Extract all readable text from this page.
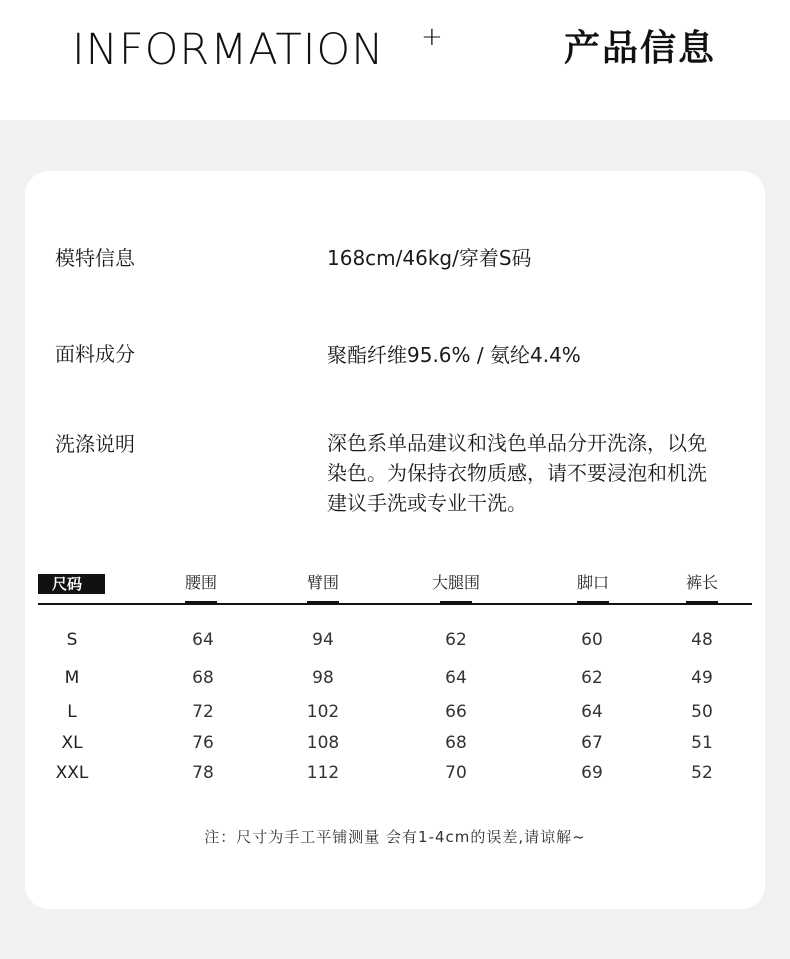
INFORMATION +	产品信息
模特信息	168cm/46kg/穿着S码
面料成分	聚酯纤维95.6% / 氨纶4.4%
洗涤说明	深色系单品建议和浅色单品分开洗涤，以免
染色。为保持衣物质感，请不要浸泡和机洗
建议手洗或专业干洗。
尺码	腰围	臂围	大腿围	脚口	裤长
S	64	94	62	60	48
M	68	98	64	62	49
L	72	102	66	64	50
XL	76	108	68	67	51
XXL	78	112	70	69	52
注：尺寸为手工平铺测量 会有1-4cm的误差,请谅解~
